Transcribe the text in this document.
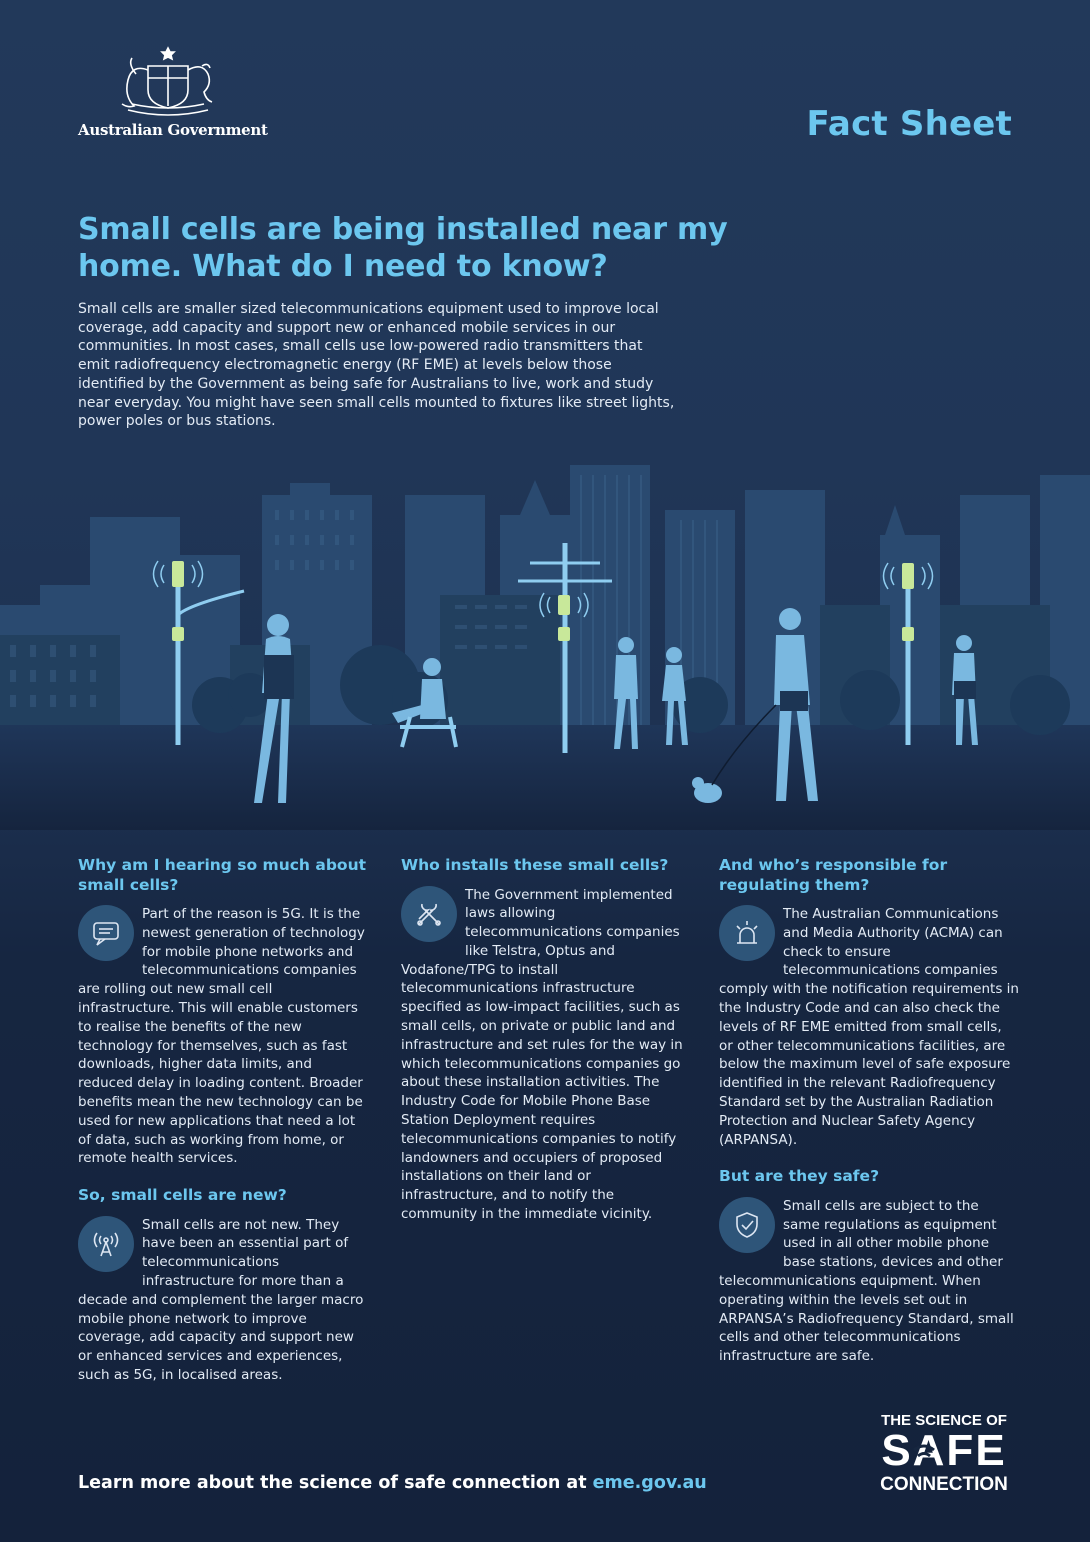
Australian Government	Fact Sheet
Small cells are being installed near my home. What do I need to know?

Small cells are smaller sized telecommunications equipment used to improve local coverage, add capacity and support new or enhanced mobile services in our communities. In most cases, small cells use low-powered radio transmitters that emit radiofrequency electromagnetic energy (RF EME) at levels below those identified by the Government as being safe for Australians to live, work and study near everyday. You might have seen small cells mounted to fixtures like street lights, power poles or bus stations.

Why am I hearing so much about small cells?

Part of the reason is 5G. It is the newest generation of technology for mobile phone networks and telecommunications companies are rolling out new small cell infrastructure. This will enable customers to realise the benefits of the new technology for themselves, such as fast downloads, higher data limits, and reduced delay in loading content. Broader benefits mean the new technology can be used for new applications that need a lot of data, such as working from home, or remote health services.

So, small cells are new?

Small cells are not new. They have been an essential part of telecommunications infrastructure for more than a decade and complement the larger macro mobile phone network to improve coverage, add capacity and support new or enhanced services and experiences, such as 5G, in localised areas.

Who installs these small cells?

The Government implemented laws allowing telecommunications companies like Telstra, Optus and Vodafone/TPG to install telecommunications infrastructure specified as low-impact facilities, such as small cells, on private or public land and infrastructure and set rules for the way in which telecommunications companies go about these installation activities. The Industry Code for Mobile Phone Base Station Deployment requires telecommunications companies to notify landowners and occupiers of proposed installations on their land or infrastructure, and to notify the community in the immediate vicinity.

And who’s responsible for regulating them?

The Australian Communications and Media Authority (ACMA) can check to ensure telecommunications companies comply with the notification requirements in the Industry Code and can also check the levels of RF EME emitted from small cells, or other telecommunications facilities, are below the maximum level of safe exposure identified in the relevant Radiofrequency Standard set by the Australian Radiation Protection and Nuclear Safety Agency (ARPANSA).

But are they safe?

Small cells are subject to the same regulations as equipment used in all other mobile phone base stations, devices and other telecommunications equipment. When operating within the levels set out in ARPANSA’s Radiofrequency Standard, small cells and other telecommunications infrastructure are safe.

Learn more about the science of safe connection at eme.gov.au
THE SCIENCE OF
SAFE
CONNECTION
